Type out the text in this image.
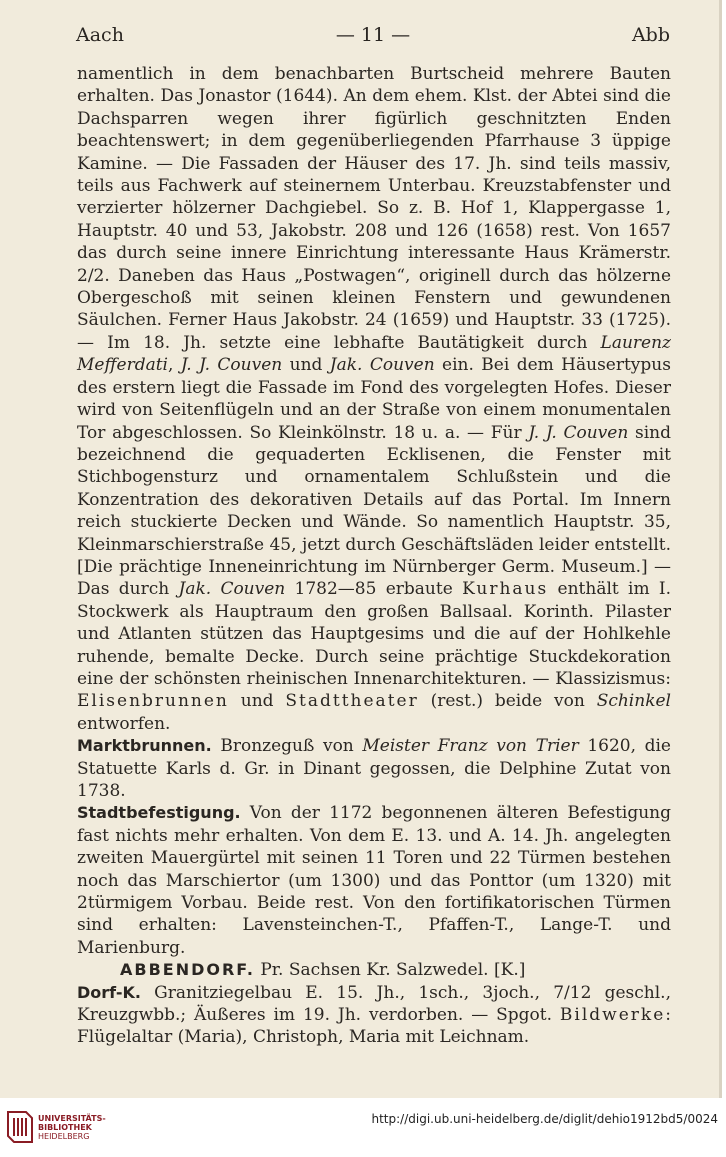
Aach	— 11 —	Abb

namentlich in dem benachbarten Burtscheid mehrere Bauten erhalten. Das Jonastor (1644). An dem ehem. Klst. der Abtei sind die Dachsparren wegen ihrer figürlich geschnitzten Enden beachtenswert; in dem gegenüberliegenden Pfarrhause 3 üppige Kamine. — Die Fassaden der Häuser des 17. Jh. sind teils massiv, teils aus Fachwerk auf steinernem Unterbau. Kreuzstabfenster und verzierter hölzerner Dachgiebel. So z. B. Hof 1, Klappergasse 1, Hauptstr. 40 und 53, Jakobstr. 208 und 126 (1658) rest. Von 1657 das durch seine innere Einrichtung interessante Haus Krämerstr. 2/2. Daneben das Haus „Postwagen“, originell durch das hölzerne Obergeschoß mit seinen kleinen Fenstern und gewundenen Säulchen. Ferner Haus Jakobstr. 24 (1659) und Hauptstr. 33 (1725). — Im 18. Jh. setzte eine lebhafte Bautätigkeit durch Laurenz Mefferdati, J. J. Couven und Jak. Couven ein. Bei dem Häusertypus des erstern liegt die Fassade im Fond des vorgelegten Hofes. Dieser wird von Seitenflügeln und an der Straße von einem monumentalen Tor abgeschlossen. So Kleinkölnstr. 18 u. a. — Für J. J. Couven sind bezeichnend die gequaderten Ecklisenen, die Fenster mit Stichbogensturz und ornamentalem Schlußstein und die Konzentration des dekorativen Details auf das Portal. Im Innern reich stuckierte Decken und Wände. So namentlich Hauptstr. 35, Kleinmarschierstraße 45, jetzt durch Geschäftsläden leider entstellt. [Die prächtige Inneneinrichtung im Nürnberger Germ. Museum.] — Das durch Jak. Couven 1782—85 erbaute Kurhaus enthält im I. Stockwerk als Hauptraum den großen Ballsaal. Korinth. Pilaster und Atlanten stützen das Hauptgesims und die auf der Hohlkehle ruhende, bemalte Decke. Durch seine prächtige Stuckdekoration eine der schönsten rheinischen Innenarchitekturen. — Klassizismus: Elisenbrunnen und Stadttheater (rest.) beide von Schinkel entworfen.

Marktbrunnen. Bronzeguß von Meister Franz von Trier 1620, die Statuette Karls d. Gr. in Dinant gegossen, die Delphine Zutat von 1738.

Stadtbefestigung. Von der 1172 begonnenen älteren Befestigung fast nichts mehr erhalten. Von dem E. 13. und A. 14. Jh. angelegten zweiten Mauergürtel mit seinen 11 Toren und 22 Türmen bestehen noch das Marschiertor (um 1300) und das Ponttor (um 1320) mit 2türmigem Vorbau. Beide rest. Von den fortifikatorischen Türmen sind erhalten: Lavensteinchen-T., Pfaffen-T., Lange-T. und Marienburg.

ABBENDORF. Pr. Sachsen Kr. Salzwedel. [K.]

Dorf-K. Granitziegelbau E. 15. Jh., 1sch., 3joch., 7/12 geschl., Kreuzgwbb.; Äußeres im 19. Jh. verdorben. — Spgot. Bildwerke: Flügelaltar (Maria), Christoph, Maria mit Leichnam.

UNIVERSITÄTS-
BIBLIOTHEK
HEIDELBERG
http://digi.ub.uni-heidelberg.de/diglit/dehio1912bd5/0024
